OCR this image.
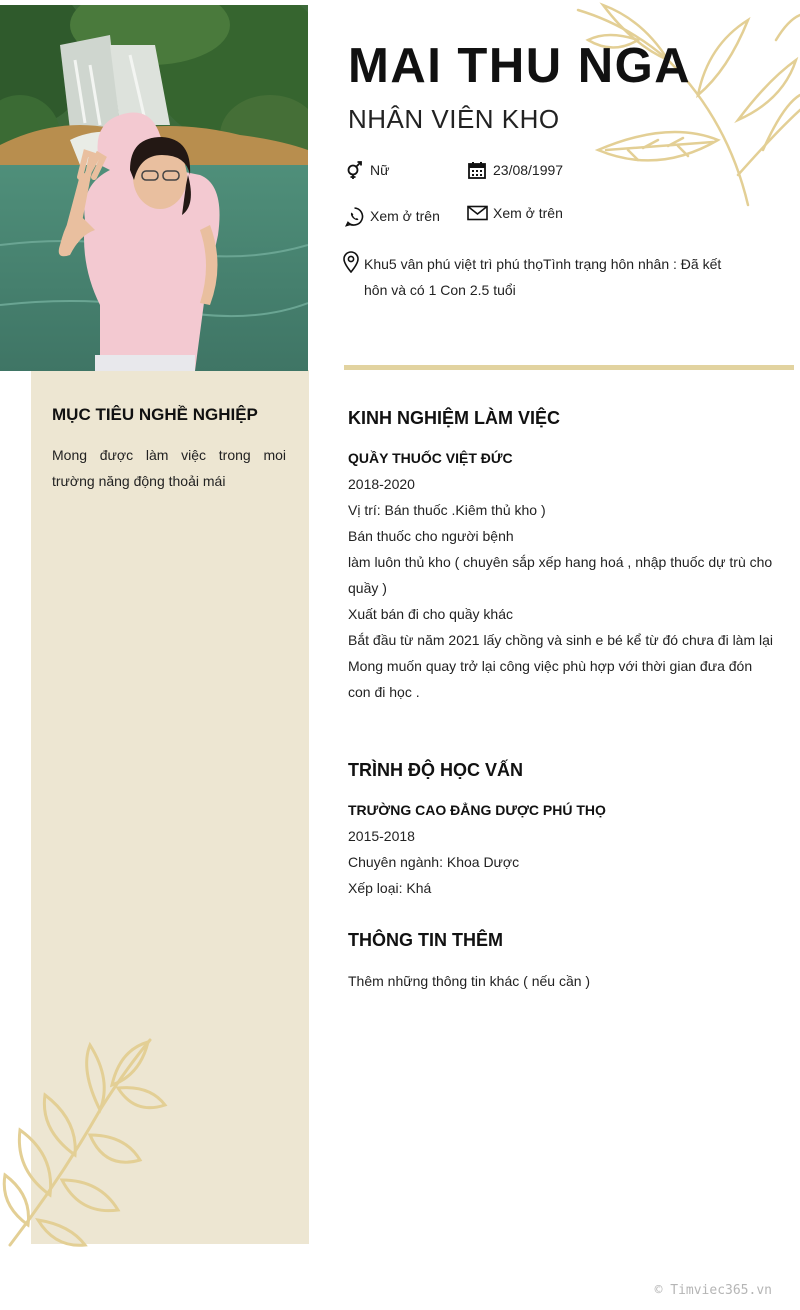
MAI THU NGA
NHÂN VIÊN KHO
Nữ	23/08/1997
Xem ở trên	Xem ở trên
Khu5 vân phú việt trì phú thọTình trạng hôn nhân : Đã kết hôn và có 1 Con 2.5 tuổi
MỤC TIÊU NGHỀ NGHIỆP
Mong được làm việc trong moi trường năng động thoải mái
KINH NGHIỆM LÀM VIỆC

QUẦY THUỐC VIỆT ĐỨC

2018-2020

Vị trí: Bán thuốc .Kiêm thủ kho )

Bán thuốc cho người bệnh

làm luôn thủ kho ( chuyên sắp xếp hang hoá , nhập thuốc dự trù cho quầy )

Xuất bán đi cho quầy khác

Bắt đầu từ năm 2021 lấy chồng và sinh e bé kể từ đó chưa đi làm lại

Mong muốn quay trở lại công việc phù hợp với thời gian đưa đón con đi học .

TRÌNH ĐỘ HỌC VẤN

TRƯỜNG CAO ĐẲNG DƯỢC PHÚ THỌ

2015-2018

Chuyên ngành: Khoa Dược

Xếp loại: Khá

THÔNG TIN THÊM

Thêm những thông tin khác ( nếu cần )

© Timviec365.vn
